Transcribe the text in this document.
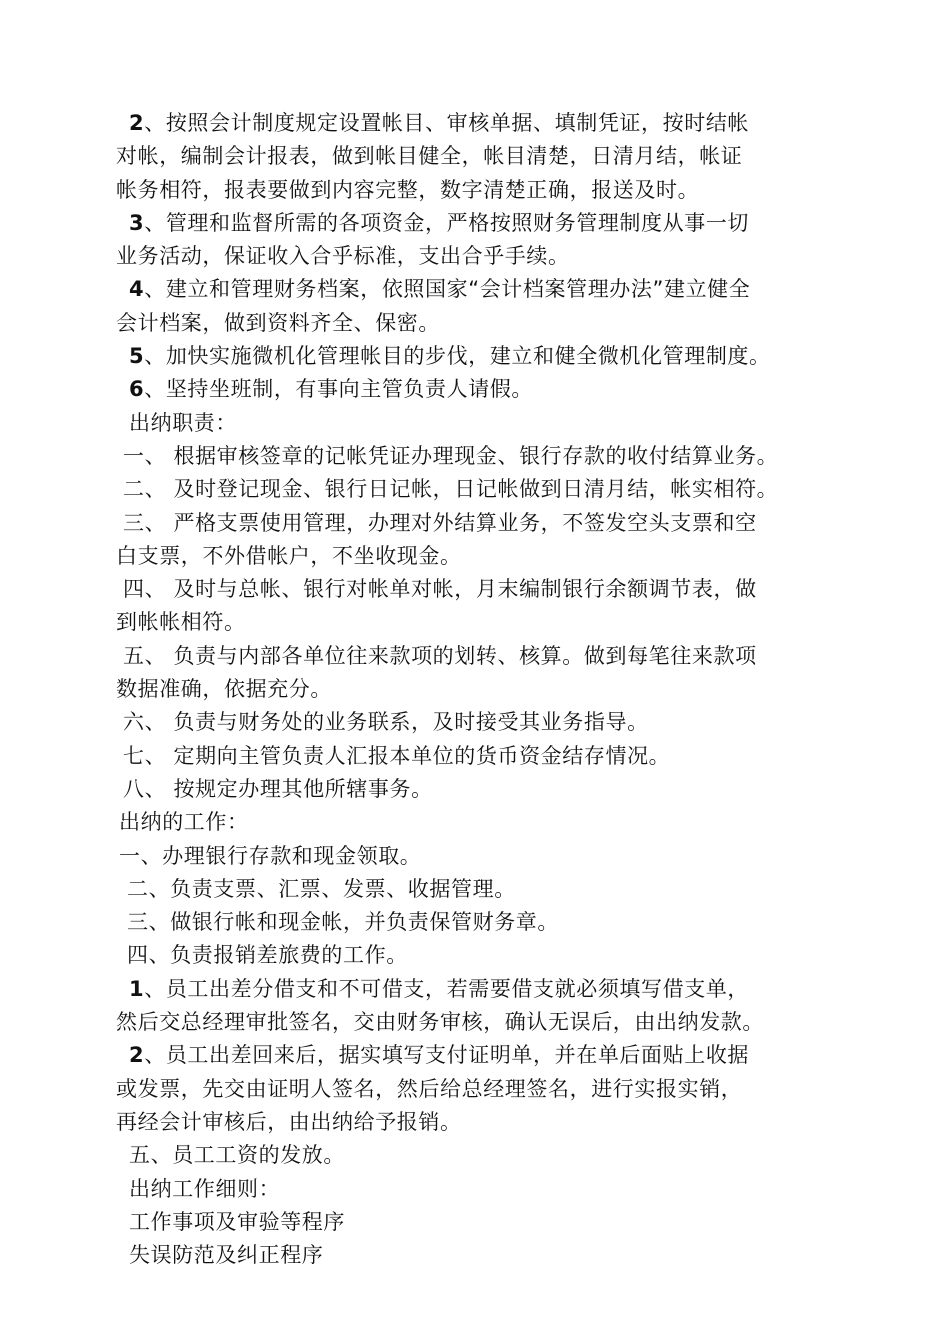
2、按照会计制度规定设置帐目、审核单据、填制凭证，按时结帐
对帐，编制会计报表，做到帐目健全，帐目清楚，日清月结，帐证
帐务相符，报表要做到内容完整，数字清楚正确，报送及时。
3、管理和监督所需的各项资金，严格按照财务管理制度从事一切
业务活动，保证收入合乎标准，支出合乎手续。
4、建立和管理财务档案，依照国家“会计档案管理办法”建立健全
会计档案，做到资料齐全、保密。
5、加快实施微机化管理帐目的步伐，建立和健全微机化管理制度。
6、坚持坐班制，有事向主管负责人请假。
出纳职责：
一、 根据审核签章的记帐凭证办理现金、银行存款的收付结算业务。
二、 及时登记现金、银行日记帐，日记帐做到日清月结，帐实相符。
三、 严格支票使用管理，办理对外结算业务，不签发空头支票和空
白支票，不外借帐户，不坐收现金。
四、 及时与总帐、银行对帐单对帐，月末编制银行余额调节表，做
到帐帐相符。
五、 负责与内部各单位往来款项的划转、核算。做到每笔往来款项
数据准确，依据充分。
六、 负责与财务处的业务联系，及时接受其业务指导。
七、 定期向主管负责人汇报本单位的货币资金结存情况。
八、 按规定办理其他所辖事务。
出纳的工作：
一、办理银行存款和现金领取。
二、负责支票、汇票、发票、收据管理。
三、做银行帐和现金帐，并负责保管财务章。
四、负责报销差旅费的工作。
1、员工出差分借支和不可借支，若需要借支就必须填写借支单，
然后交总经理审批签名，交由财务审核，确认无误后，由出纳发款。
2、员工出差回来后，据实填写支付证明单，并在单后面贴上收据
或发票，先交由证明人签名，然后给总经理签名，进行实报实销，
再经会计审核后，由出纳给予报销。
五、员工工资的发放。
出纳工作细则：
工作事项及审验等程序
失误防范及纠正程序
